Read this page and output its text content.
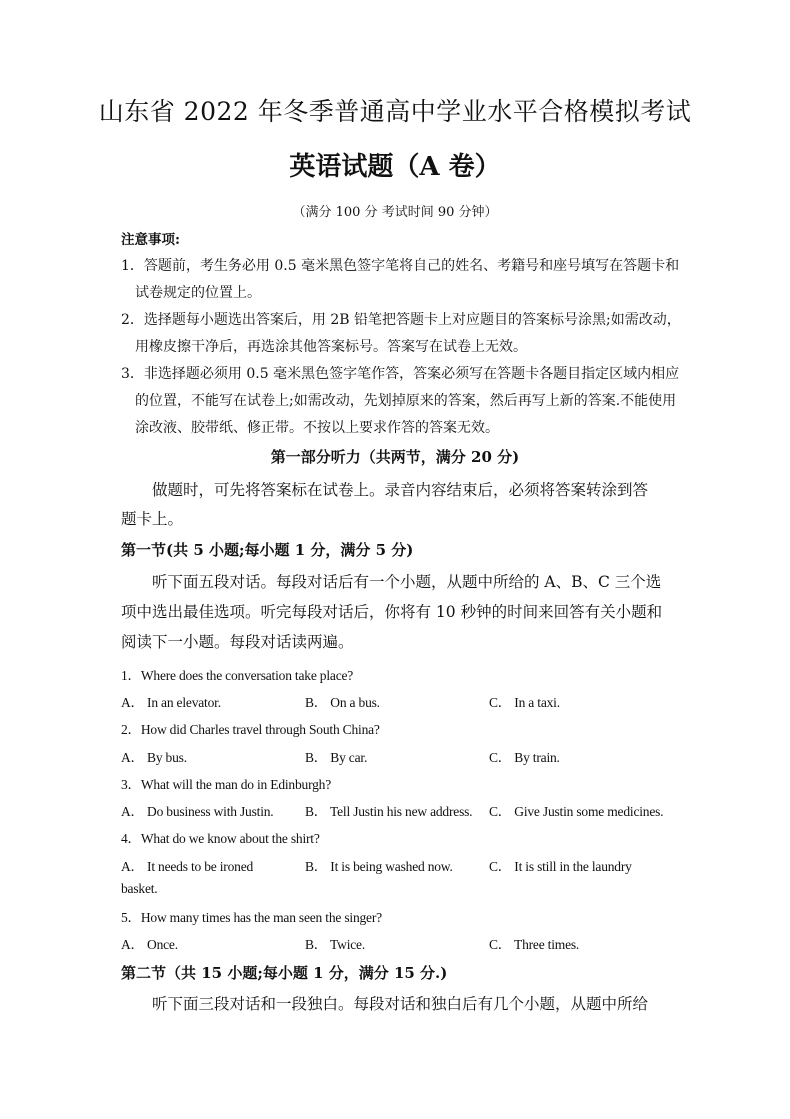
山东省 2022 年冬季普通高中学业水平合格模拟考试
英语试题（A 卷）
（满分 100 分 考试时间 90 分钟）
注意事项:
1．答题前，考生务必用 0.5 毫米黑色签字笔将自己的姓名、考籍号和座号填写在答题卡和
试卷规定的位置上。
2．选择题每小题选出答案后，用 2B 铅笔把答题卡上对应题目的答案标号涂黑;如需改动，
用橡皮擦干净后，再选涂其他答案标号。答案写在试卷上无效。
3．非选择题必须用 0.5 毫米黑色签字笔作答，答案必须写在答题卡各题目指定区域内相应
的位置，不能写在试卷上;如需改动，先划掉原来的答案，然后再写上新的答案.不能使用
涂改液、胶带纸、修正带。不按以上要求作答的答案无效。
第一部分听力（共两节，满分 20 分)
做题时，可先将答案标在试卷上。录音内容结束后，必须将答案转涂到答
题卡上。
第一节(共 5 小题;每小题 1 分，满分 5 分)
听下面五段对话。每段对话后有一个小题，从题中所给的 A、B、C 三个选
项中选出最佳选项。听完每段对话后，你将有 10 秒钟的时间来回答有关小题和
阅读下一小题。每段对话读两遍。
1．Where does the conversation take place?
A． In an elevator.	B． On a bus.	C． In a taxi.
2．How did Charles travel through South China?
A． By bus.	B． By car.	C． By train.
3．What will the man do in Edinburgh?
A． Do business with Justin. B． Tell Justin his new address. C． Give Justin some medicines.
4．What do we know about the shirt?
A． It needs to be ironed	B． It is being washed now.	C． It is still in the laundry
basket.
5．How many times has the man seen the singer?
A． Once.	B． Twice.	C． Three times.
第二节（共 15 小题;每小题 1 分，满分 15 分.)
听下面三段对话和一段独白。每段对话和独白后有几个小题，从题中所给
